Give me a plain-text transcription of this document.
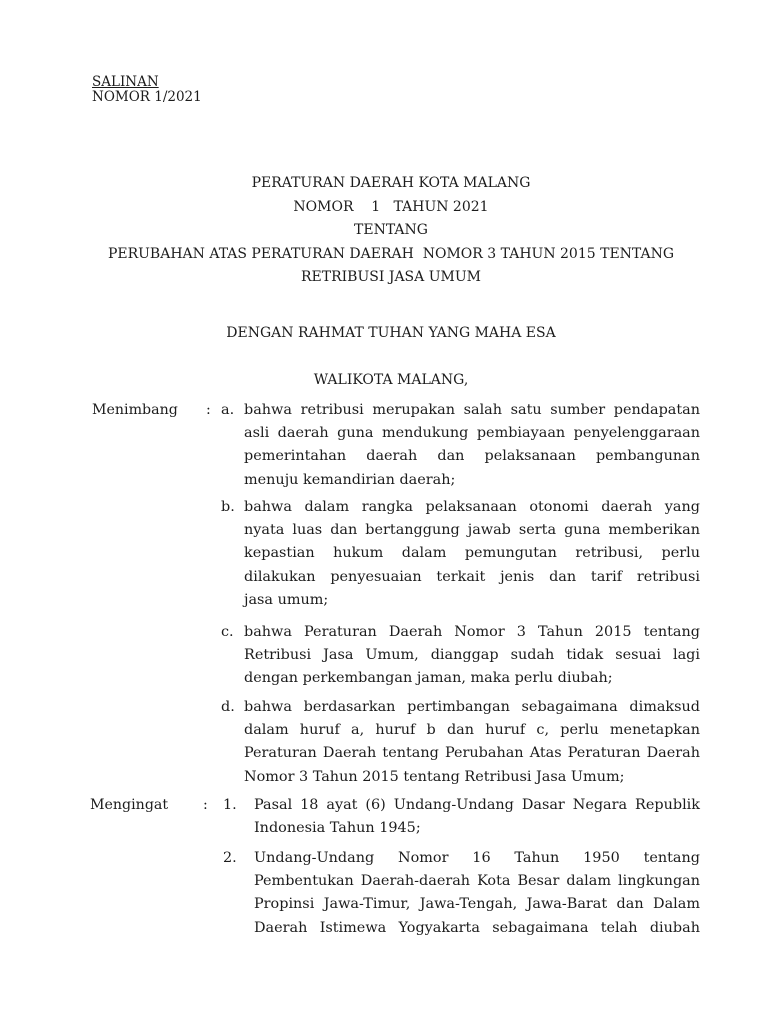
SALINAN
NOMOR 1/2021
PERATURAN DAERAH KOTA MALANG
NOMOR    1   TAHUN 2021
TENTANG
PERUBAHAN ATAS PERATURAN DAERAH  NOMOR 3 TAHUN 2015 TENTANG
RETRIBUSI JASA UMUM
DENGAN RAHMAT TUHAN YANG MAHA ESA
WALIKOTA MALANG,
Menimbang : a. bahwa retribusi merupakan salah satu sumber pendapatan
asli daerah guna mendukung pembiayaan penyelenggaraan
pemerintahan daerah dan pelaksanaan pembangunan
menuju kemandirian daerah;
b. bahwa dalam rangka pelaksanaan otonomi daerah yang
nyata luas dan bertanggung jawab serta guna memberikan
kepastian hukum dalam pemungutan retribusi, perlu
dilakukan penyesuaian terkait jenis dan tarif retribusi
jasa umum;
c. bahwa Peraturan Daerah Nomor 3 Tahun 2015 tentang
Retribusi Jasa Umum, dianggap sudah tidak sesuai lagi
dengan perkembangan jaman, maka perlu diubah;
d. bahwa berdasarkan pertimbangan sebagaimana dimaksud
dalam huruf a, huruf b dan huruf c, perlu menetapkan
Peraturan Daerah tentang Perubahan Atas Peraturan Daerah
Nomor 3 Tahun 2015 tentang Retribusi Jasa Umum;
Mengingat : 1. Pasal 18 ayat (6) Undang-Undang Dasar Negara Republik
Indonesia Tahun 1945;
2. Undang-Undang Nomor 16 Tahun 1950 tentang
Pembentukan Daerah-daerah Kota Besar dalam lingkungan
Propinsi Jawa-Timur, Jawa-Tengah, Jawa-Barat dan Dalam
Daerah Istimewa Yogyakarta sebagaimana telah diubah
